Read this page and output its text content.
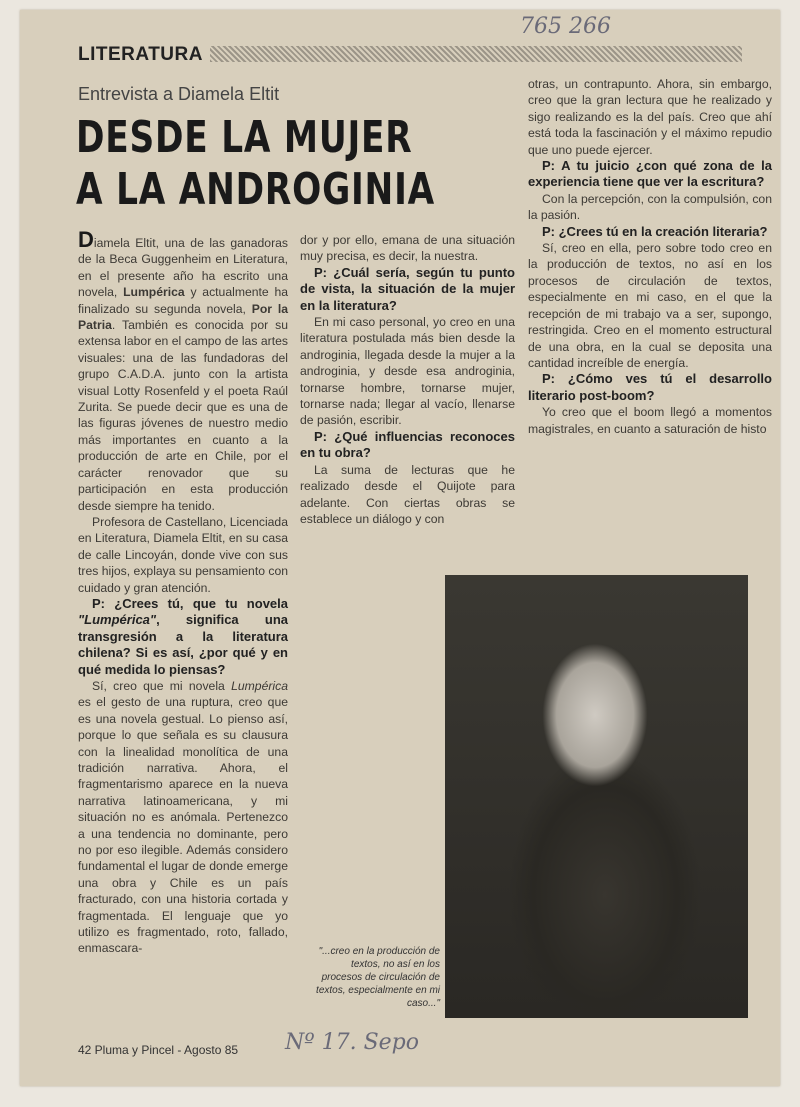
765 266
LITERATURA
Entrevista a Diamela Eltit
DESDE LA MUJER
A LA ANDROGINIA

Diamela Eltit, una de las ganadoras de la Beca Guggenheim en Literatura, en el presente año ha escrito una novela, Lumpérica y actualmente ha finalizado su segunda novela, Por la Patria. También es conocida por su extensa labor en el campo de las artes visuales: una de las fundadoras del grupo C.A.D.A. junto con la artista visual Lotty Rosenfeld y el poeta Raúl Zurita. Se puede decir que es una de las figuras jóvenes de nuestro medio más importantes en cuanto a la producción de arte en Chile, por el carácter renovador que su participación en esta producción desde siempre ha tenido.

Profesora de Castellano, Licenciada en Literatura, Diamela Eltit, en su casa de calle Lincoyán, donde vive con sus tres hijos, explaya su pensamiento con cuidado y gran atención.

P: ¿Crees tú, que tu novela "Lumpérica", significa una transgresión a la literatura chilena? Si es así, ¿por qué y en qué medida lo piensas?

Sí, creo que mi novela Lumpérica es el gesto de una ruptura, creo que es una novela gestual. Lo pienso así, porque lo que señala es su clausura con la linealidad monolítica de una tradición narrativa. Ahora, el fragmentarismo aparece en la nueva narrativa latinoamericana, y mi situación no es anómala. Pertenezco a una tendencia no dominante, pero no por eso ilegible. Además considero fundamental el lugar de donde emerge una obra y Chile es un país fracturado, con una historia cortada y fragmentada. El lenguaje que yo utilizo es fragmentado, roto, fallado, enmascara-

dor y por ello, emana de una situación muy precisa, es decir, la nuestra.

P: ¿Cuál sería, según tu punto de vista, la situación de la mujer en la literatura?

En mi caso personal, yo creo en una literatura postulada más bien desde la androginia, llegada desde la mujer a la androginia, y desde esa androginia, tornarse hombre, tornarse mujer, tornarse nada; llegar al vacío, llenarse de pasión, escribir.

P: ¿Qué influencias reconoces en tu obra?

La suma de lecturas que he realizado desde el Quijote para adelante. Con ciertas obras se establece un diálogo y con

otras, un contrapunto. Ahora, sin embargo, creo que la gran lectura que he realizado y sigo realizando es la del país. Creo que ahí está toda la fascinación y el máximo repudio que uno puede ejercer.

P: A tu juicio ¿con qué zona de la experiencia tiene que ver la escritura?

Con la percepción, con la compulsión, con la pasión.

P: ¿Crees tú en la creación literaria?

Sí, creo en ella, pero sobre todo creo en la producción de textos, no así en los procesos de circulación de textos, especialmente en mi caso, en el que la recepción de mi trabajo va a ser, supongo, restringida. Creo en el momento estructural de una obra, en la cual se deposita una cantidad increíble de energía.

P: ¿Cómo ves tú el desarrollo literario post-boom?

Yo creo que el boom llegó a momentos magistrales, en cuanto a saturación de histo

"...creo en la producción de textos, no así en los procesos de circulación de textos, especialmente en mi caso..."
42 Pluma y Pincel - Agosto 85 Nº 17. Sepo
